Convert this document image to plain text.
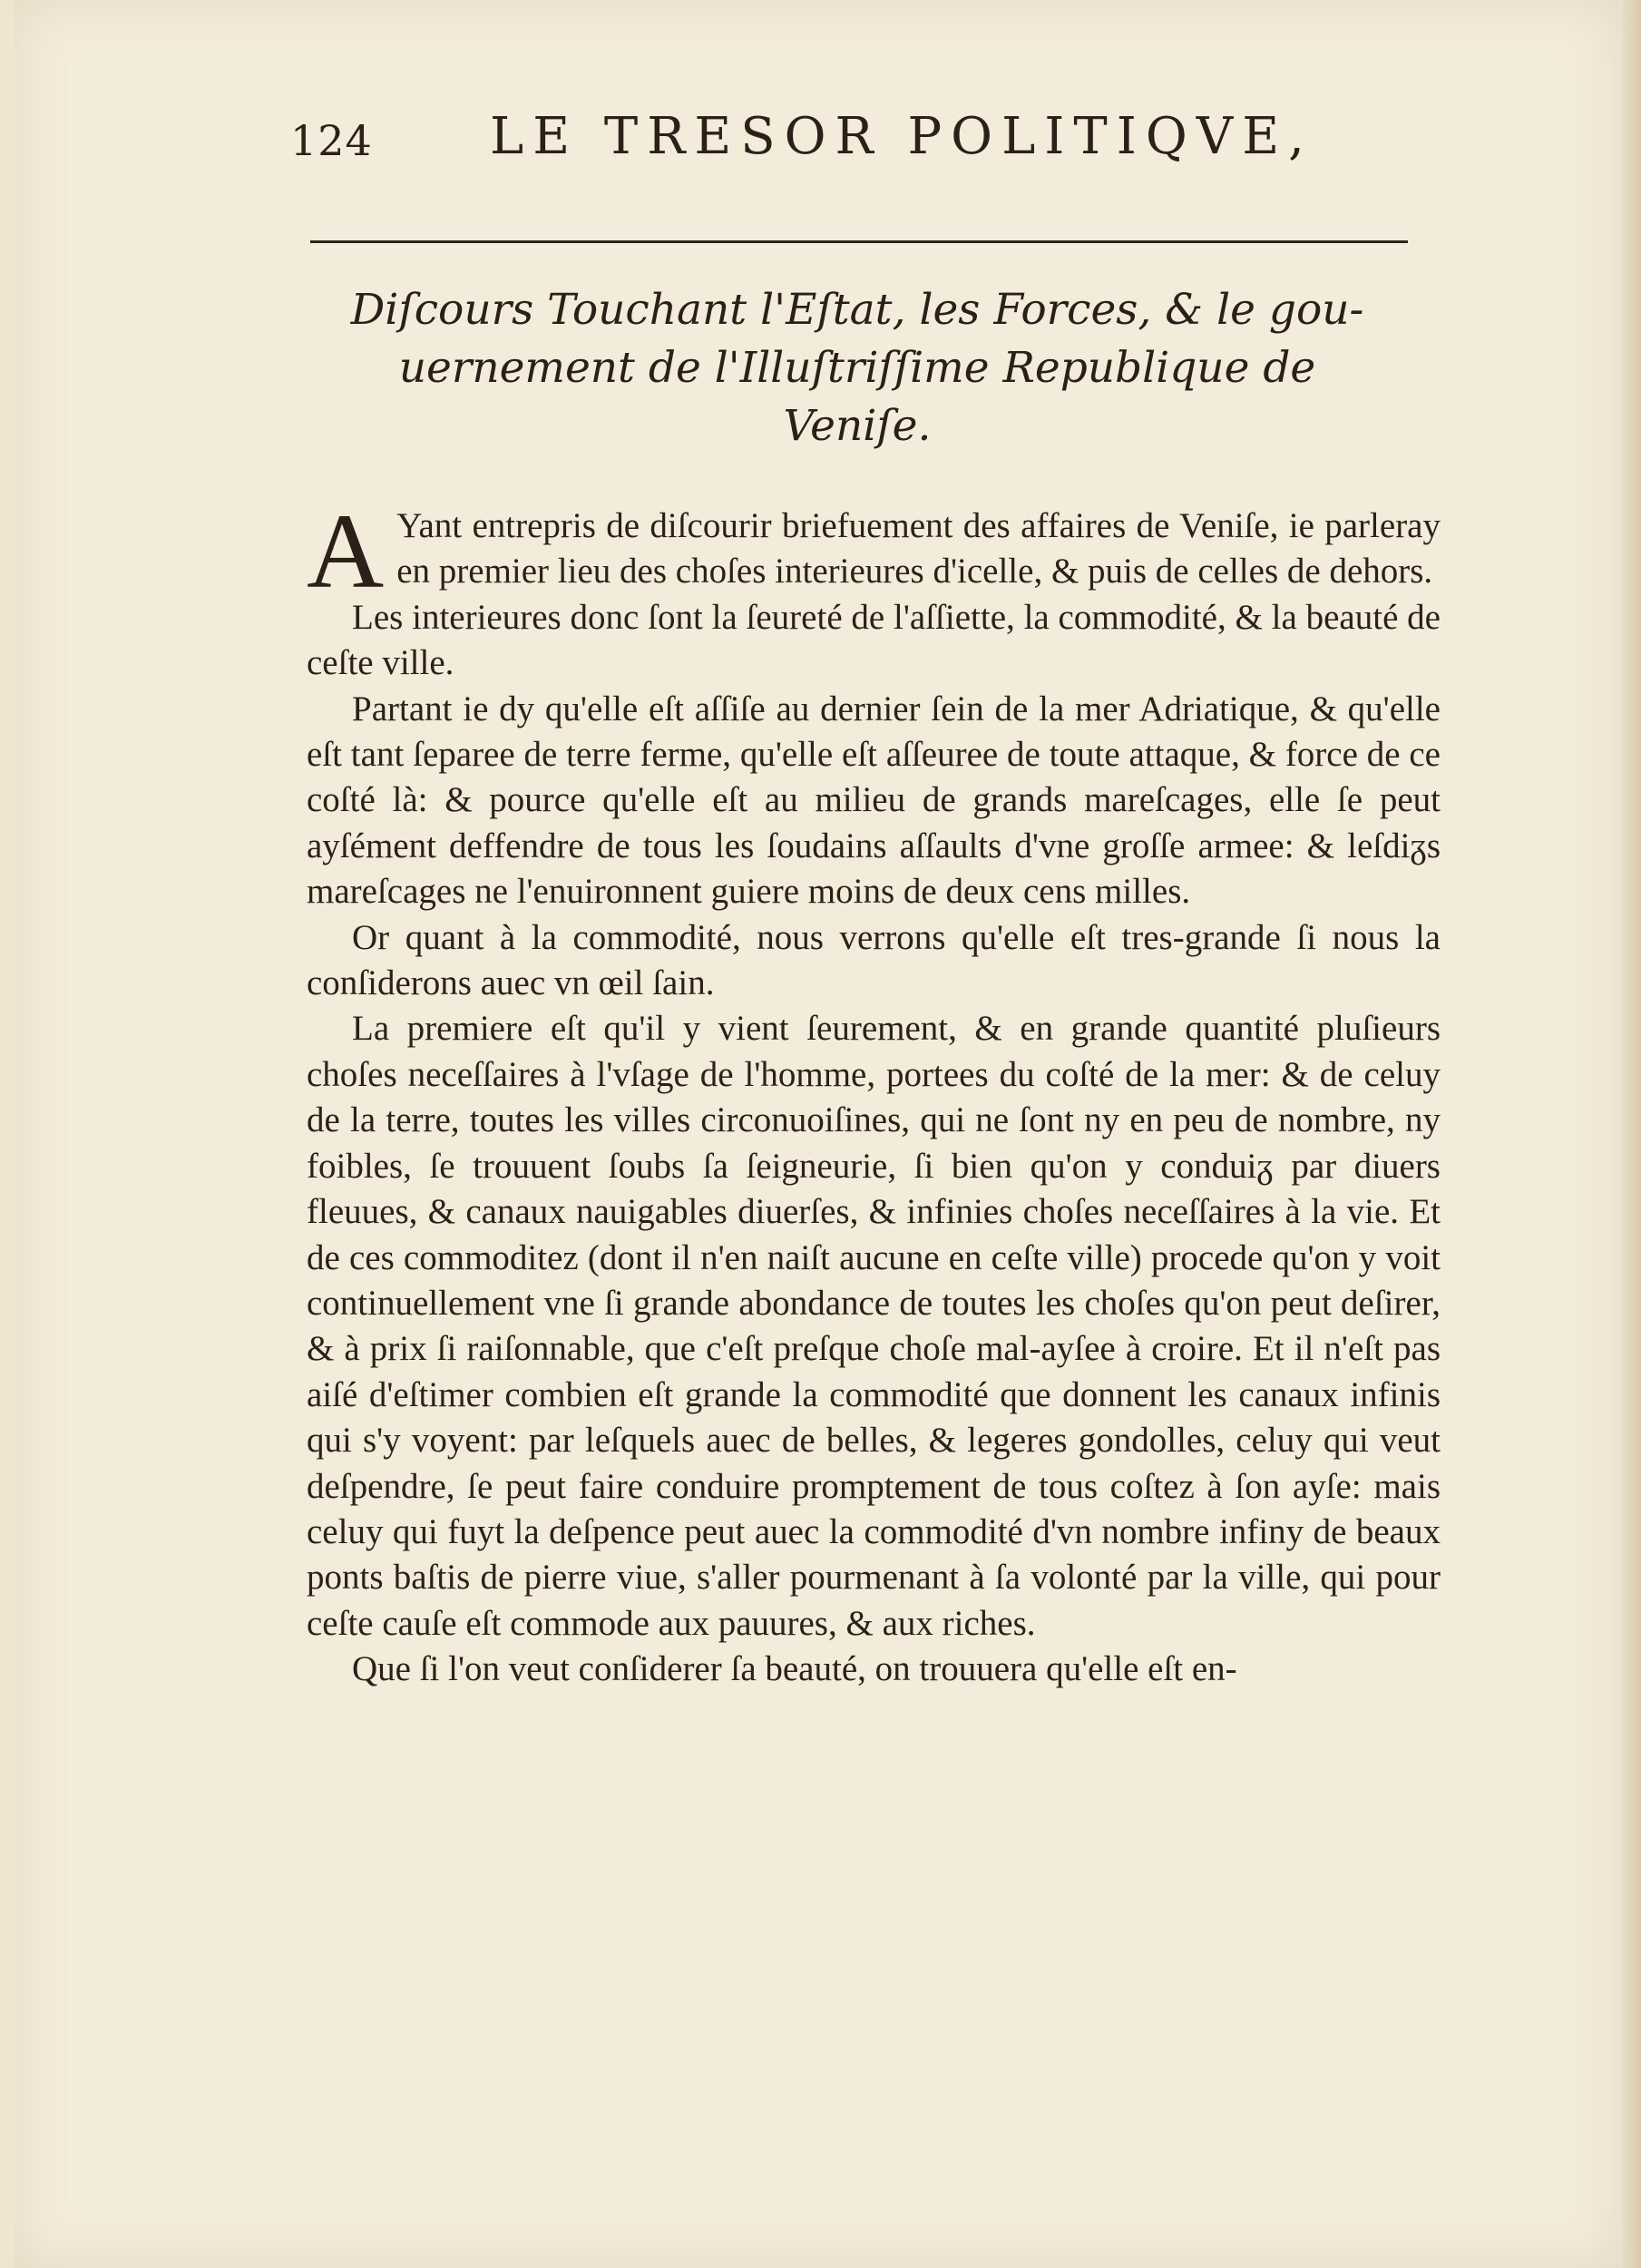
124 LE TRESOR POLITIQVE,
Diſcours Touchant l'Eſtat, les Forces, & le gou-
uernement de l'Illuſtriſſime Republique de
Veniſe.

A Yant entrepris de diſcourir briefuement des affaires de Veniſe, ie parleray en premier lieu des choſes interieures d'icelle, & puis de celles de dehors.

Les interieures donc ſont la ſeureté de l'aſſiette, la commodité, & la beauté de ceſte ville.

Partant ie dy qu'elle eſt aſſiſe au dernier ſein de la mer Adriatique, & qu'elle eſt tant ſeparee de terre ferme, qu'elle eſt aſſeuree de toute attaque, & force de ce coſté là: & pource qu'elle eſt au milieu de grands mareſcages, elle ſe peut ayſément deffendre de tous les ſoudains aſſaults d'vne groſſe armee: & leſdiᵹs mareſcages ne l'enuironnent guiere moins de deux cens milles.

Or quant à la commodité, nous verrons qu'elle eſt tres-grande ſi nous la conſiderons auec vn œil ſain.

La premiere eſt qu'il y vient ſeurement, & en grande quantité pluſieurs choſes neceſſaires à l'vſage de l'homme, portees du coſté de la mer: & de celuy de la terre, toutes les villes circonuoiſines, qui ne ſont ny en peu de nombre, ny foibles, ſe trouuent ſoubs ſa ſeigneurie, ſi bien qu'on y conduiᵹ par diuers fleuues, & canaux nauigables diuerſes, & infinies choſes neceſſaires à la vie. Et de ces commoditez (dont il n'en naiſt aucune en ceſte ville) procede qu'on y voit continuellement vne ſi grande abondance de toutes les choſes qu'on peut deſirer, & à prix ſi raiſonnable, que c'eſt preſque choſe mal-ayſee à croire. Et il n'eſt pas aiſé d'eſtimer combien eſt grande la commodité que donnent les canaux infinis qui s'y voyent: par leſquels auec de belles, & legeres gondolles, celuy qui veut deſpendre, ſe peut faire conduire promptement de tous coſtez à ſon ayſe: mais celuy qui fuyt la deſpence peut auec la commodité d'vn nombre infiny de beaux ponts baſtis de pierre viue, s'aller pourmenant à ſa volonté par la ville, qui pour ceſte cauſe eſt commode aux pauures, & aux riches.

Que ſi l'on veut conſiderer ſa beauté, on trouuera qu'elle eſt en-
